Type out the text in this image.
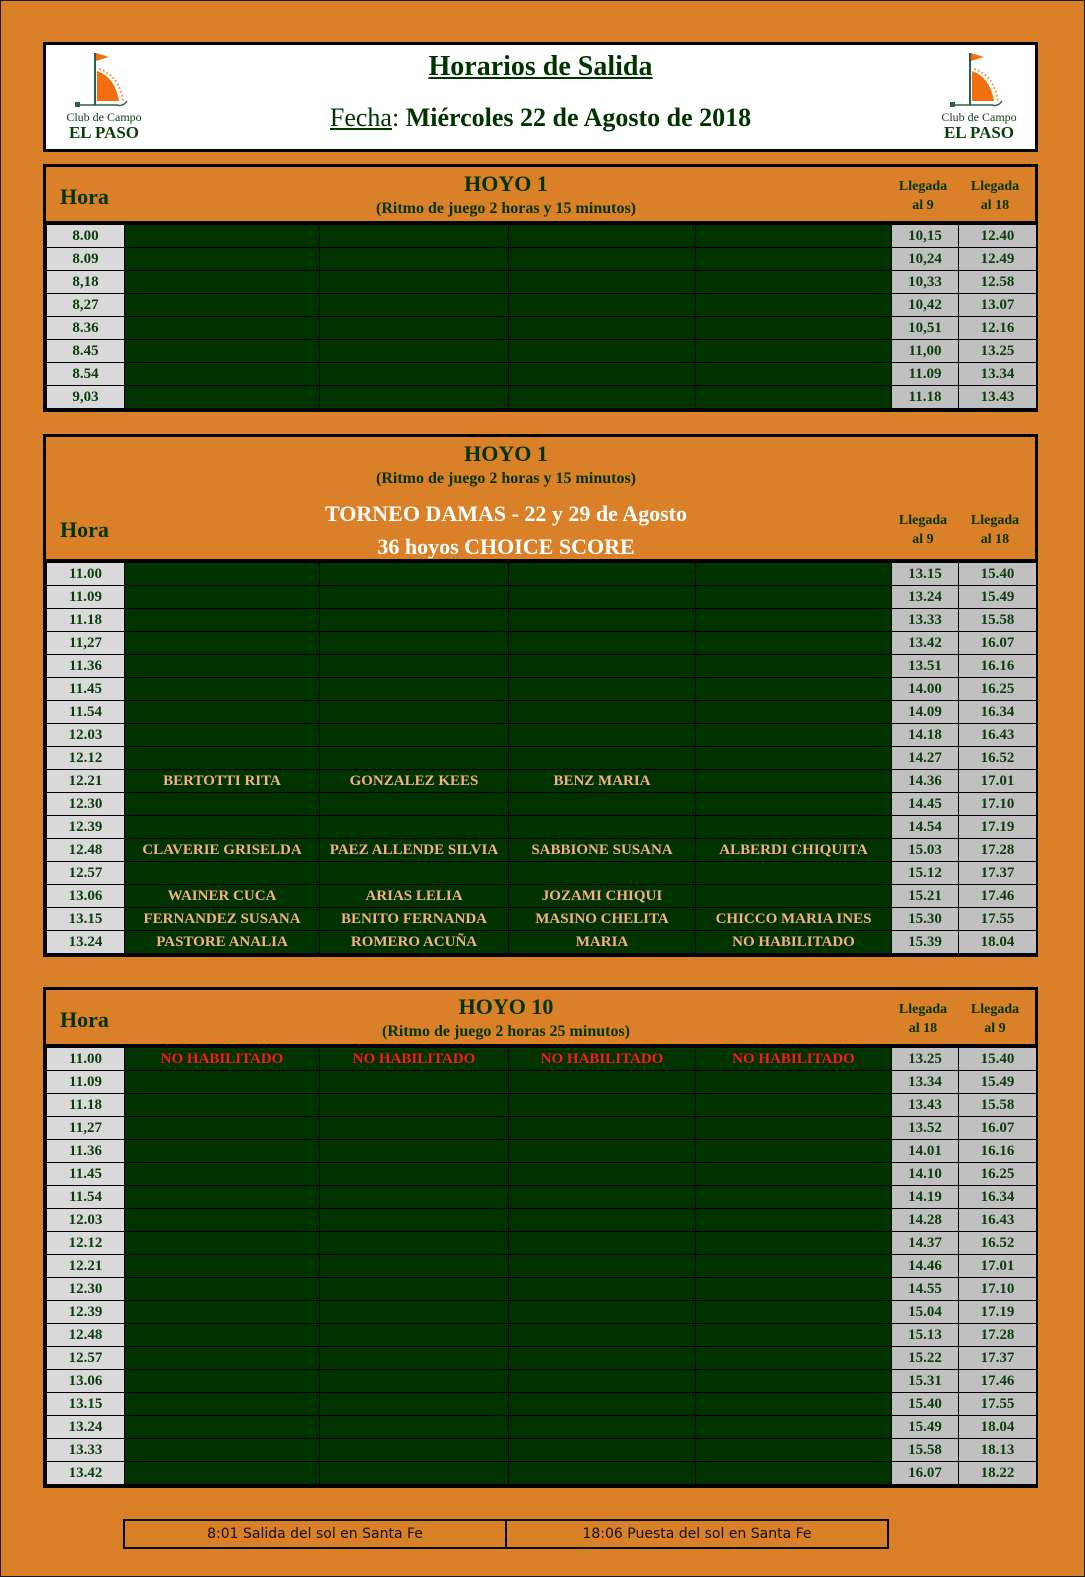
Club de Campo
EL PASO
Horarios de Salida
Fecha: Miércoles 22 de Agosto de 2018	Club de Campo
EL PASO
Hora
HOYO 1
(Ritmo de juego 2 horas y 15 minutos)
Llegada
al 9
Llegada
al 18
8.00					10,15	12.40
8.09					10,24	12.49
8,18					10,33	12.58
8,27					10,42	13.07
8.36					10,51	12.16
8.45					11,00	13.25
8.54					11.09	13.34
9,03					11.18	13.43
Hora
HOYO 1
(Ritmo de juego 2 horas y 15 minutos)
TORNEO DAMAS - 22 y 29 de Agosto
36 hoyos CHOICE SCORE
Llegada
al 9
Llegada
al 18
11.00					13.15	15.40
11.09					13.24	15.49
11.18					13.33	15.58
11,27					13.42	16.07
11.36					13.51	16.16
11.45					14.00	16.25
11.54					14.09	16.34
12.03					14.18	16.43
12.12					14.27	16.52
12.21	BERTOTTI RITA	GONZALEZ KEES	BENZ MARIA		14.36	17.01
12.30					14.45	17.10
12.39					14.54	17.19
12.48	CLAVERIE GRISELDA	PAEZ ALLENDE SILVIA	SABBIONE SUSANA	ALBERDI CHIQUITA	15.03	17.28
12.57					15.12	17.37
13.06	WAINER CUCA	ARIAS LELIA	JOZAMI CHIQUI		15.21	17.46
13.15	FERNANDEZ SUSANA	BENITO FERNANDA	MASINO CHELITA	CHICCO MARIA INES	15.30	17.55
13.24	PASTORE ANALIA	ROMERO ACUÑA	MARIA	NO HABILITADO	15.39	18.04
Hora
HOYO 10
(Ritmo de juego 2 horas 25 minutos)
Llegada
al 18
Llegada
al 9
11.00	NO HABILITADO	NO HABILITADO	NO HABILITADO	NO HABILITADO	13.25	15.40
11.09					13.34	15.49
11.18					13.43	15.58
11,27					13.52	16.07
11.36					14.01	16.16
11.45					14.10	16.25
11.54					14.19	16.34
12.03					14.28	16.43
12.12					14.37	16.52
12.21					14.46	17.01
12.30					14.55	17.10
12.39					15.04	17.19
12.48					15.13	17.28
12.57					15.22	17.37
13.06					15.31	17.46
13.15					15.40	17.55
13.24					15.49	18.04
13.33					15.58	18.13
13.42					16.07	18.22
8:01 Salida del sol en Santa Fe	18:06 Puesta del sol en Santa Fe
